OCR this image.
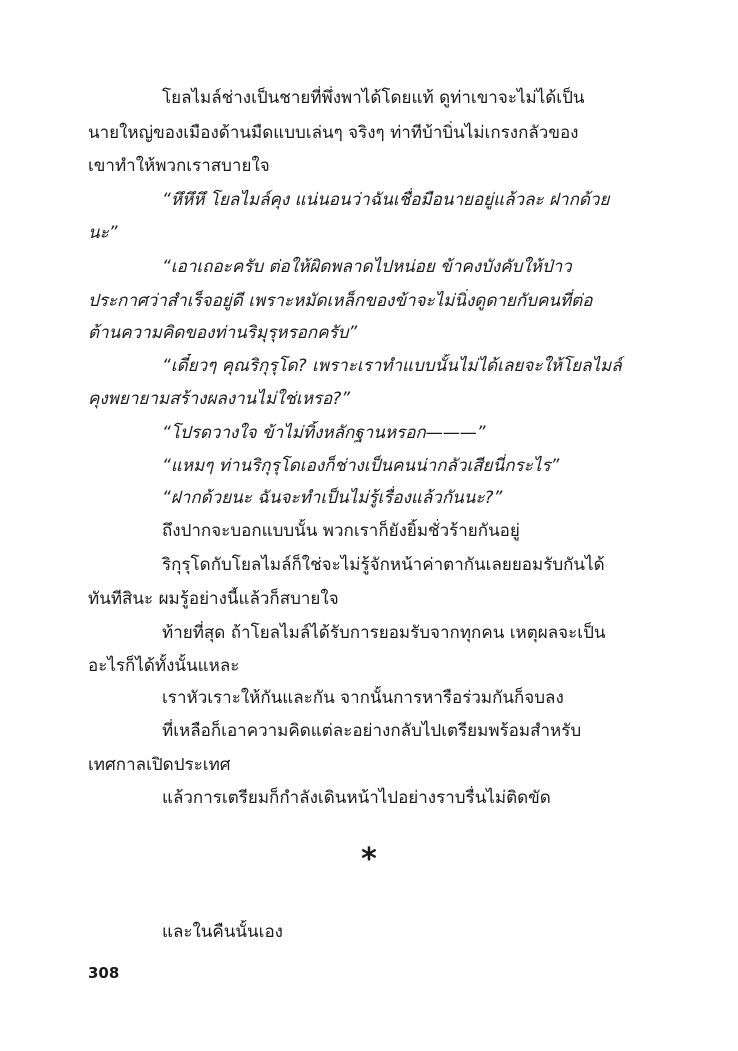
โยลไมล์ช่างเป็นชายที่พึ่งพาได้โดยแท้ ดูท่าเขาจะไม่ได้เป็น
นายใหญ่ของเมืองด้านมืดแบบเล่นๆ จริงๆ ท่าทีบ้าบิ่นไม่เกรงกลัวของ
เขาทำให้พวกเราสบายใจ
“หึหึหึ โยลไมล์คุง แน่นอนว่าฉันเชื่อมือนายอยู่แล้วละ ฝากด้วย
นะ”
“เอาเถอะครับ ต่อให้ผิดพลาดไปหน่อย ข้าคงบังคับให้ป่าว
ประกาศว่าสำเร็จอยู่ดี เพราะหมัดเหล็กของข้าจะไม่นิ่งดูดายกับคนที่ต่อ
ต้านความคิดของท่านริมุรุหรอกครับ”
“เดี๋ยวๆ คุณริกุรุโด? เพราะเราทำแบบนั้นไม่ได้เลยจะให้โยลไมล์
คุงพยายามสร้างผลงานไม่ใช่เหรอ?”
“โปรดวางใจ ข้าไม่ทิ้งหลักฐานหรอก———”
“แหมๆ ท่านริกุรุโดเองก็ช่างเป็นคนน่ากลัวเสียนี่กระไร”
“ฝากด้วยนะ ฉันจะทำเป็นไม่รู้เรื่องแล้วกันนะ?”
ถึงปากจะบอกแบบนั้น พวกเราก็ยังยิ้มชั่วร้ายกันอยู่
ริกุรุโดกับโยลไมล์ก็ใช่จะไม่รู้จักหน้าค่าตากันเลยยอมรับกันได้
ทันทีสินะ ผมรู้อย่างนี้แล้วก็สบายใจ
ท้ายที่สุด ถ้าโยลไมล์ได้รับการยอมรับจากทุกคน เหตุผลจะเป็น
อะไรก็ได้ทั้งนั้นแหละ
เราหัวเราะให้กันและกัน จากนั้นการหารือร่วมกันก็จบลง
ที่เหลือก็เอาความคิดแต่ละอย่างกลับไปเตรียมพร้อมสำหรับ
เทศกาลเปิดประเทศ
แล้วการเตรียมก็กำลังเดินหน้าไปอย่างราบรื่นไม่ติดขัด
*
และในคืนนั้นเอง
308
